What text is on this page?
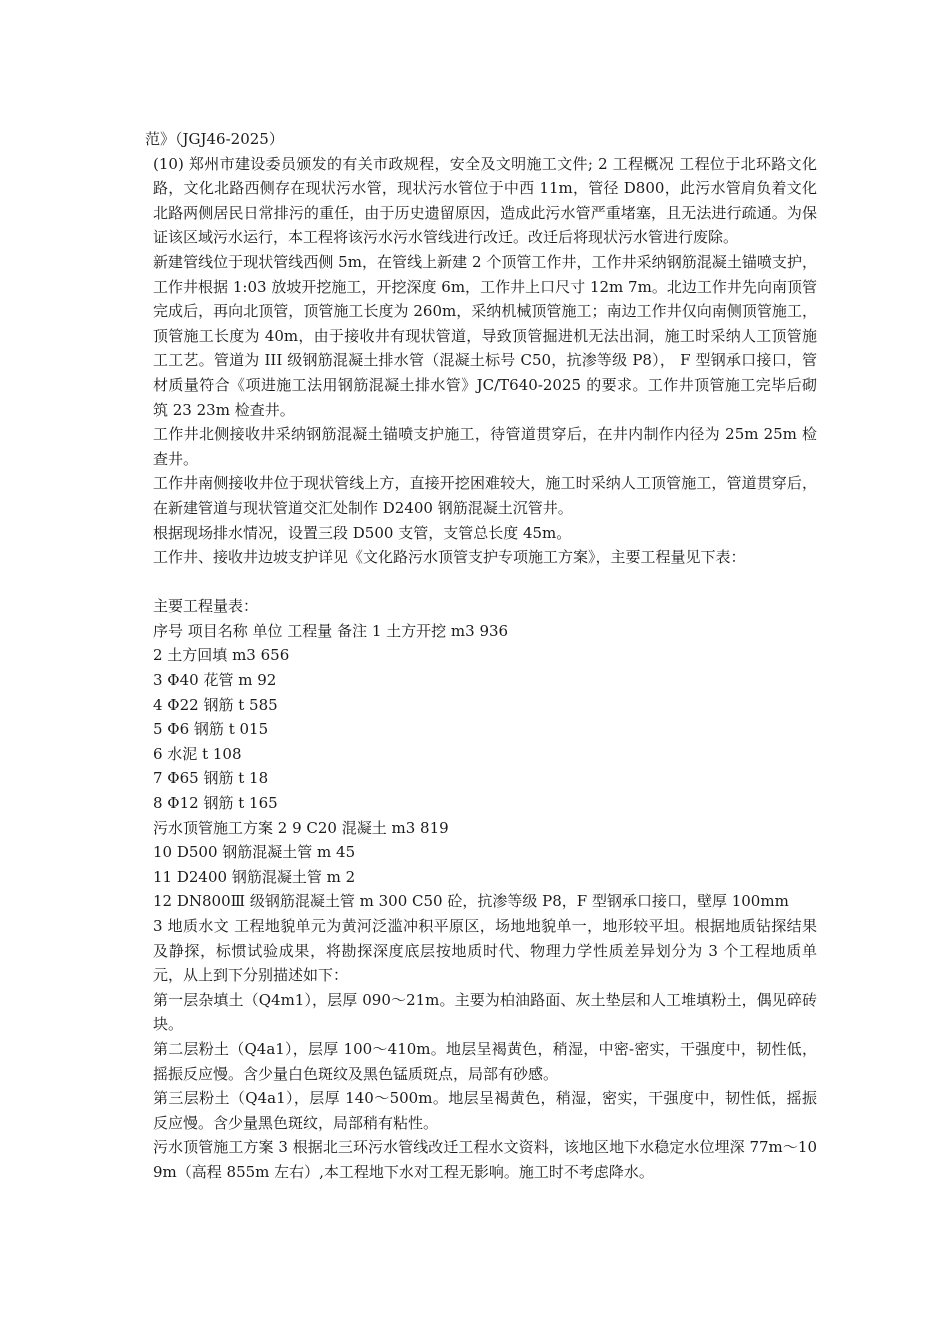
范》（JGJ46-2025）

(10) 郑州市建设委员颁发的有关市政规程，安全及文明施工文件; 2 工程概况 工程位于北环路文化路，文化北路西侧存在现状污水管，现状污水管位于中西 11m，管径 D800，此污水管肩负着文化北路两侧居民日常排污的重任，由于历史遗留原因，造成此污水管严重堵塞，且无法进行疏通。为保证该区域污水运行，本工程将该污水污水管线进行改迁。改迁后将现状污水管进行废除。

新建管线位于现状管线西侧 5m，在管线上新建 2 个顶管工作井，工作井采纳钢筋混凝土锚喷支护，工作井根据 1:03 放坡开挖施工，开挖深度 6m，工作井上口尺寸 12m 7m。北边工作井先向南顶管完成后，再向北顶管，顶管施工长度为 260m，采纳机械顶管施工；南边工作井仅向南侧顶管施工，顶管施工长度为 40m，由于接收井有现状管道，导致顶管掘进机无法出洞，施工时采纳人工顶管施工工艺。管道为 III 级钢筋混凝土排水管（混凝土标号 C50，抗渗等级 P8）， F 型钢承口接口，管材质量符合《项进施工法用钢筋混凝土排水管》JC/T640-2025 的要求。工作井顶管施工完毕后砌筑 23 23m 检查井。

工作井北侧接收井采纳钢筋混凝土锚喷支护施工，待管道贯穿后，在井内制作内径为 25m 25m 检查井。

工作井南侧接收井位于现状管线上方，直接开挖困难较大，施工时采纳人工顶管施工，管道贯穿后，在新建管道与现状管道交汇处制作 D2400 钢筋混凝土沉管井。

根据现场排水情况，设置三段 D500 支管，支管总长度 45m。

工作井、接收井边坡支护详见《文化路污水顶管支护专项施工方案》，主要工程量见下表：

主要工程量表：

序号 项目名称 单位 工程量 备注 1 土方开挖 m3 936

2 土方回填 m3 656

3 Φ40 花管 m 92

4 Φ22 钢筋 t 585

5 Φ6 钢筋 t 015

6 水泥 t 108

7 Φ65 钢筋 t 18

8 Φ12 钢筋 t 165

污水顶管施工方案 2 9 C20 混凝土 m3 819

10 D500 钢筋混凝土管 m 45

11 D2400 钢筋混凝土管 m 2

12 DN800Ⅲ 级钢筋混凝土管 m 300 C50 砼，抗渗等级 P8，F 型钢承口接口，壁厚 100mm

3 地质水文 工程地貌单元为黄河泛滥冲积平原区，场地地貌单一，地形较平坦。根据地质钻探结果及静探，标惯试验成果，将勘探深度底层按地质时代、物理力学性质差异划分为 3 个工程地质单元，从上到下分别描述如下：

第一层杂填土（Q4m1），层厚 090～21m。主要为柏油路面、灰土垫层和人工堆填粉土，偶见碎砖块。

第二层粉土（Q4a1），层厚 100～410m。地层呈褐黄色，稍湿，中密-密实，干强度中，韧性低，摇振反应慢。含少量白色斑纹及黑色锰质斑点，局部有砂感。

第三层粉土（Q4a1），层厚 140～500m。地层呈褐黄色，稍湿，密实，干强度中，韧性低，摇振反应慢。含少量黑色斑纹，局部稍有粘性。

污水顶管施工方案 3 根据北三环污水管线改迁工程水文资料，该地区地下水稳定水位埋深 77m～109m（高程 855m 左右）,本工程地下水对工程无影响。施工时不考虑降水。
